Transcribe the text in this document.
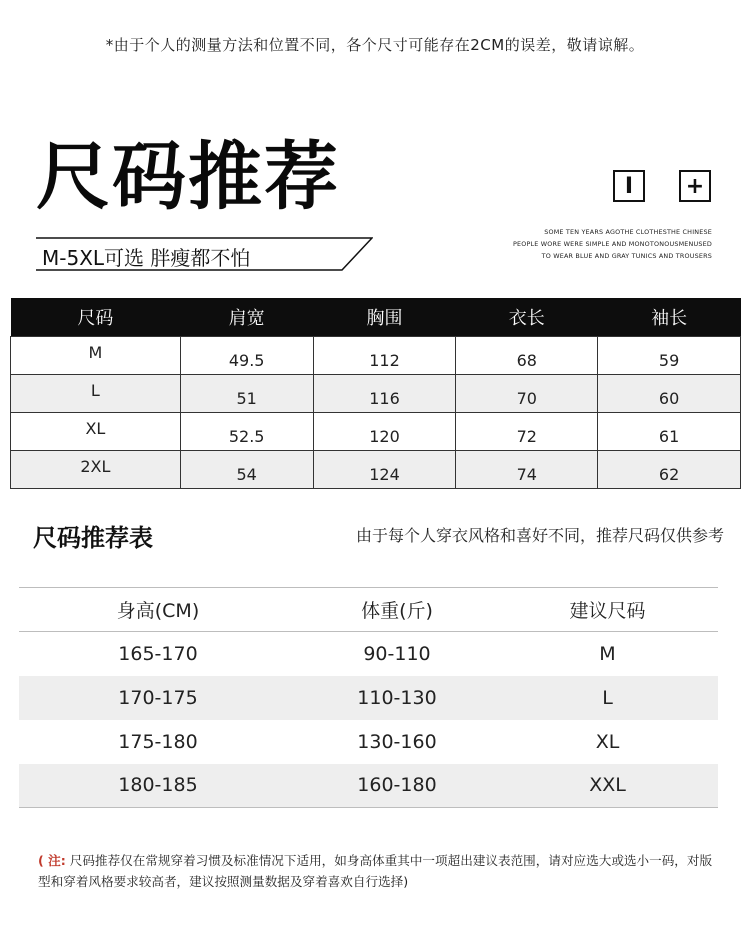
*由于个人的测量方法和位置不同，各个尺寸可能存在2CM的误差，敬请谅解。
尺码推荐
M-5XL可选 胖瘦都不怕
I	+
SOME TEN YEARS AGOTHE CLOTHESTHE CHINESE
PEOPLE WORE WERE SIMPLE AND MONOTONOUSMENUSED
TO WEAR BLUE AND GRAY TUNICS AND TROUSERS
尺码	肩宽	胸围	衣长	袖长
M	49.5	112	68	59
L	51	116	70	60
XL	52.5	120	72	61
2XL	54	124	74	62
尺码推荐表	由于每个人穿衣风格和喜好不同，推荐尺码仅供参考
身高(CM)	体重(斤)	建议尺码
165-170	90-110	M
170-175	110-130	L
175-180	130-160	XL
180-185	160-180	XXL
( 注: 尺码推荐仅在常规穿着习惯及标准情况下适用，如身高体重其中一项超出建议表范围，请对应选大或选小一码，对版型和穿着风格要求较高者，建议按照测量数据及穿着喜欢自行选择)
